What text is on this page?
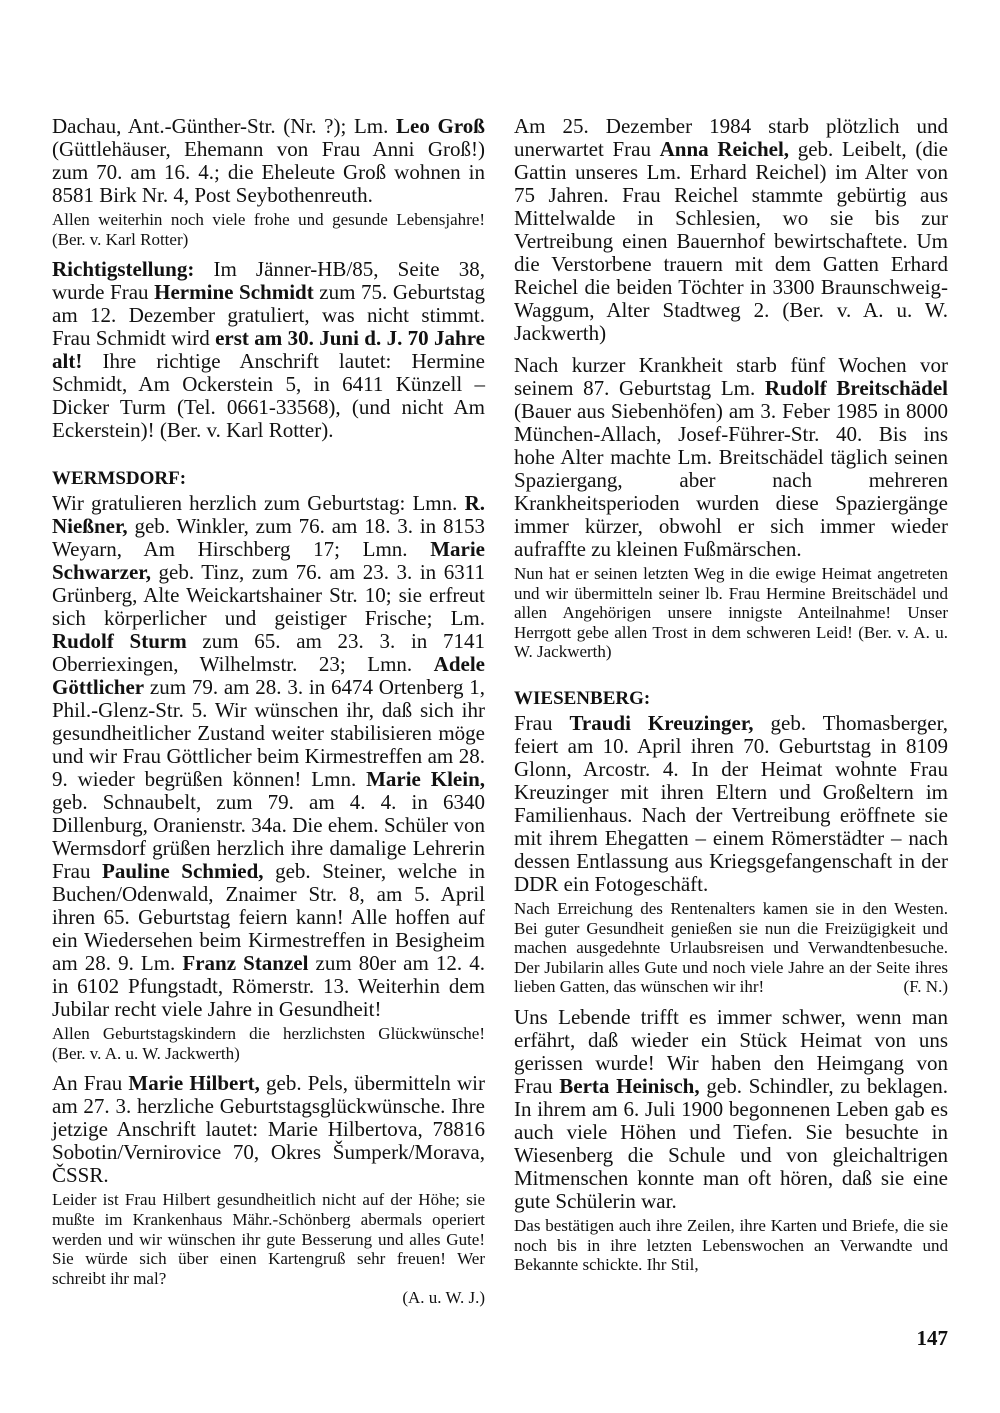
Dachau, Ant.-Günther-Str. (Nr. ?); Lm. Leo Groß (Güttlehäuser, Ehemann von Frau Anni Groß!) zum 70. am 16. 4.; die Eheleute Groß wohnen in 8581 Birk Nr. 4, Post Seybothenreuth.

Allen weiterhin noch viele frohe und gesunde Lebensjahre! (Ber. v. Karl Rotter)

Richtigstellung: Im Jänner-HB/85, Seite 38, wurde Frau Hermine Schmidt zum 75. Geburtstag am 12. Dezember gratuliert, was nicht stimmt. Frau Schmidt wird erst am 30. Juni d. J. 70 Jahre alt! Ihre richtige Anschrift lautet: Hermine Schmidt, Am Ockerstein 5, in 6411 Künzell – Dicker Turm (Tel. 0661-33568), (und nicht Am Eckerstein)! (Ber. v. Karl Rotter).

WERMSDORF:

Wir gratulieren herzlich zum Geburtstag: Lmn. R. Nießner, geb. Winkler, zum 76. am 18. 3. in 8153 Weyarn, Am Hirschberg 17; Lmn. Marie Schwarzer, geb. Tinz, zum 76. am 23. 3. in 6311 Grünberg, Alte Weickartshainer Str. 10; sie erfreut sich körperlicher und geistiger Frische; Lm. Rudolf Sturm zum 65. am 23. 3. in 7141 Oberriexingen, Wilhelmstr. 23; Lmn. Adele Göttlicher zum 79. am 28. 3. in 6474 Ortenberg 1, Phil.-Glenz-Str. 5. Wir wünschen ihr, daß sich ihr gesundheitlicher Zustand weiter stabilisieren möge und wir Frau Göttlicher beim Kirmestreffen am 28. 9. wieder begrüßen können! Lmn. Marie Klein, geb. Schnaubelt, zum 79. am 4. 4. in 6340 Dillenburg, Oranienstr. 34a. Die ehem. Schüler von Wermsdorf grüßen herzlich ihre damalige Lehrerin Frau Pauline Schmied, geb. Steiner, welche in Buchen/Odenwald, Znaimer Str. 8, am 5. April ihren 65. Geburtstag feiern kann! Alle hoffen auf ein Wiedersehen beim Kirmestreffen in Besigheim am 28. 9. Lm. Franz Stanzel zum 80er am 12. 4. in 6102 Pfungstadt, Römerstr. 13. Weiterhin dem Jubilar recht viele Jahre in Gesundheit!

Allen Geburtstagskindern die herzlichsten Glückwünsche! (Ber. v. A. u. W. Jackwerth)

An Frau Marie Hilbert, geb. Pels, übermitteln wir am 27. 3. herzliche Geburtstagsglückwünsche. Ihre jetzige Anschrift lautet: Marie Hilbertova, 78816 Sobotin/Vernirovice 70, Okres Šumperk/Morava, ČSSR.

Leider ist Frau Hilbert gesundheitlich nicht auf der Höhe; sie mußte im Krankenhaus Mähr.-Schönberg abermals operiert werden und wir wünschen ihr gute Besserung und alles Gute! Sie würde sich über einen Kartengruß sehr freuen! Wer schreibt ihr mal?
(A. u. W. J.)

Am 25. Dezember 1984 starb plötzlich und unerwartet Frau Anna Reichel, geb. Leibelt, (die Gattin unseres Lm. Erhard Reichel) im Alter von 75 Jahren. Frau Reichel stammte gebürtig aus Mittelwalde in Schlesien, wo sie bis zur Vertreibung einen Bauernhof bewirtschaftete. Um die Verstorbene trauern mit dem Gatten Erhard Reichel die beiden Töchter in 3300 Braunschweig-Waggum, Alter Stadtweg 2. (Ber. v. A. u. W. Jackwerth)

Nach kurzer Krankheit starb fünf Wochen vor seinem 87. Geburtstag Lm. Rudolf Breitschädel (Bauer aus Siebenhöfen) am 3. Feber 1985 in 8000 München-Allach, Josef-Führer-Str. 40. Bis ins hohe Alter machte Lm. Breitschädel täglich seinen Spaziergang, aber nach mehreren Krankheitsperioden wurden diese Spaziergänge immer kürzer, obwohl er sich immer wieder aufraffte zu kleinen Fußmärschen.

Nun hat er seinen letzten Weg in die ewige Heimat angetreten und wir übermitteln seiner lb. Frau Hermine Breitschädel und allen Angehörigen unsere innigste Anteilnahme! Unser Herrgott gebe allen Trost in dem schweren Leid! (Ber. v. A. u. W. Jackwerth)

WIESENBERG:

Frau Traudi Kreuzinger, geb. Thomasberger, feiert am 10. April ihren 70. Geburtstag in 8109 Glonn, Arcostr. 4. In der Heimat wohnte Frau Kreuzinger mit ihren Eltern und Großeltern im Familienhaus. Nach der Vertreibung eröffnete sie mit ihrem Ehegatten – einem Römerstädter – nach dessen Entlassung aus Kriegsgefangenschaft in der DDR ein Fotogeschäft.

Nach Erreichung des Rentenalters kamen sie in den Westen. Bei guter Gesundheit genießen sie nun die Freizügigkeit und machen ausgedehnte Urlaubsreisen und Verwandtenbesuche. Der Jubilarin alles Gute und noch viele Jahre an der Seite ihres lieben Gatten, das wünschen wir ihr!	(F. N.)

Uns Lebende trifft es immer schwer, wenn man erfährt, daß wieder ein Stück Heimat von uns gerissen wurde! Wir haben den Heimgang von Frau Berta Heinisch, geb. Schindler, zu beklagen. In ihrem am 6. Juli 1900 begonnenen Leben gab es auch viele Höhen und Tiefen. Sie besuchte in Wiesenberg die Schule und von gleichaltrigen Mitmenschen konnte man oft hören, daß sie eine gute Schülerin war.

Das bestätigen auch ihre Zeilen, ihre Karten und Briefe, die sie noch bis in ihre letzten Lebenswochen an Verwandte und Bekannte schickte. Ihr Stil,

147
